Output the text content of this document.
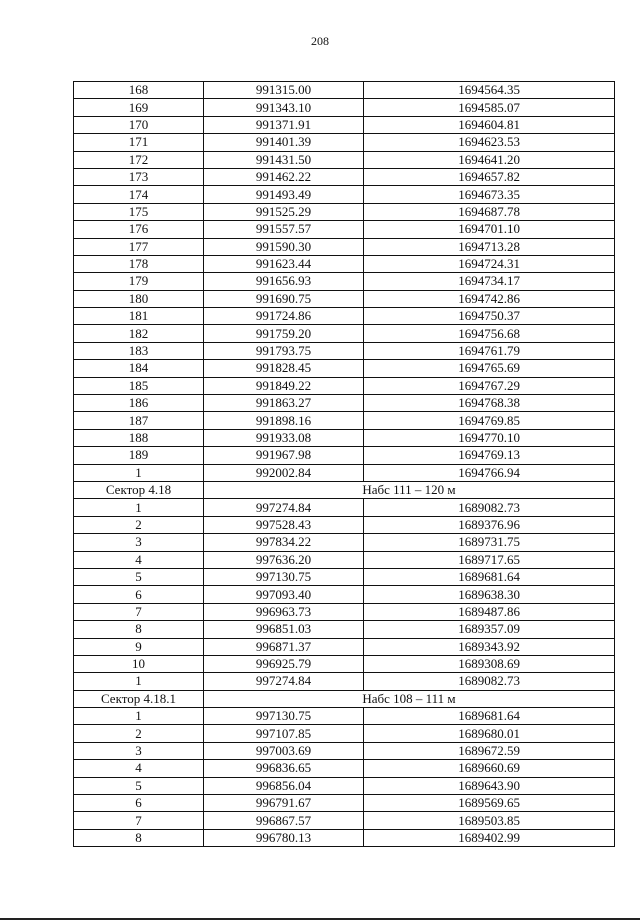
208
168	991315.00	1694564.35
169	991343.10	1694585.07
170	991371.91	1694604.81
171	991401.39	1694623.53
172	991431.50	1694641.20
173	991462.22	1694657.82
174	991493.49	1694673.35
175	991525.29	1694687.78
176	991557.57	1694701.10
177	991590.30	1694713.28
178	991623.44	1694724.31
179	991656.93	1694734.17
180	991690.75	1694742.86
181	991724.86	1694750.37
182	991759.20	1694756.68
183	991793.75	1694761.79
184	991828.45	1694765.69
185	991849.22	1694767.29
186	991863.27	1694768.38
187	991898.16	1694769.85
188	991933.08	1694770.10
189	991967.98	1694769.13
1	992002.84	1694766.94
Сектор 4.18	Набс 111 – 120 м	
1	997274.84	1689082.73
2	997528.43	1689376.96
3	997834.22	1689731.75
4	997636.20	1689717.65
5	997130.75	1689681.64
6	997093.40	1689638.30
7	996963.73	1689487.86
8	996851.03	1689357.09
9	996871.37	1689343.92
10	996925.79	1689308.69
1	997274.84	1689082.73
Сектор 4.18.1	Набс 108 – 111 м	
1	997130.75	1689681.64
2	997107.85	1689680.01
3	997003.69	1689672.59
4	996836.65	1689660.69
5	996856.04	1689643.90
6	996791.67	1689569.65
7	996867.57	1689503.85
8	996780.13	1689402.99
